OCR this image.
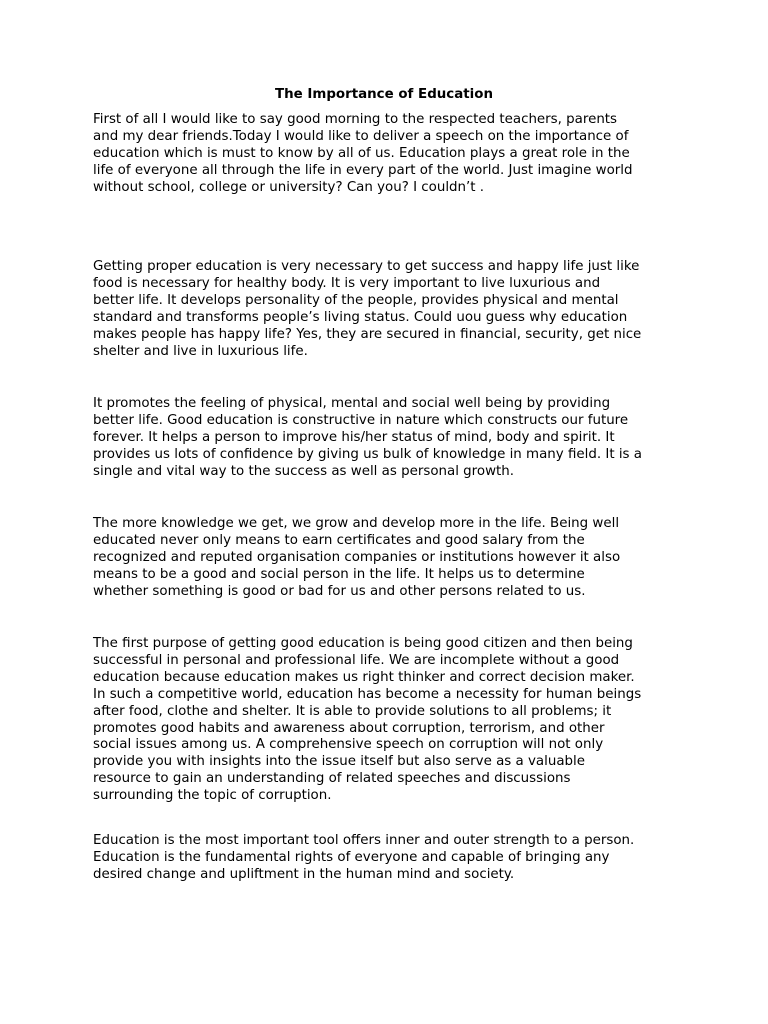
The Importance of Education

First of all I would like to say good morning to the respected teachers, parents
and my dear friends.Today I would like to deliver a speech on the importance of
education which is must to know by all of us. Education plays a great role in the
life of everyone all through the life in every part of the world. Just imagine world
without school, college or university? Can you? I couldn’t .

Getting proper education is very necessary to get success and happy life just like
food is necessary for healthy body. It is very important to live luxurious and
better life. It develops personality of the people, provides physical and mental
standard and transforms people’s living status. Could uou guess why education
makes people has happy life? Yes, they are secured in financial, security, get nice
shelter and live in luxurious life.

It promotes the feeling of physical, mental and social well being by providing
better life. Good education is constructive in nature which constructs our future
forever. It helps a person to improve his/her status of mind, body and spirit. It
provides us lots of confidence by giving us bulk of knowledge in many field. It is a
single and vital way to the success as well as personal growth.

The more knowledge we get, we grow and develop more in the life. Being well
educated never only means to earn certificates and good salary from the
recognized and reputed organisation companies or institutions however it also
means to be a good and social person in the life. It helps us to determine
whether something is good or bad for us and other persons related to us.

The first purpose of getting good education is being good citizen and then being
successful in personal and professional life. We are incomplete without a good
education because education makes us right thinker and correct decision maker.
In such a competitive world, education has become a necessity for human beings
after food, clothe and shelter. It is able to provide solutions to all problems; it
promotes good habits and awareness about corruption, terrorism, and other
social issues among us. A comprehensive speech on corruption will not only
provide you with insights into the issue itself but also serve as a valuable
resource to gain an understanding of related speeches and discussions
surrounding the topic of corruption.

Education is the most important tool offers inner and outer strength to a person.
Education is the fundamental rights of everyone and capable of bringing any
desired change and upliftment in the human mind and society.
